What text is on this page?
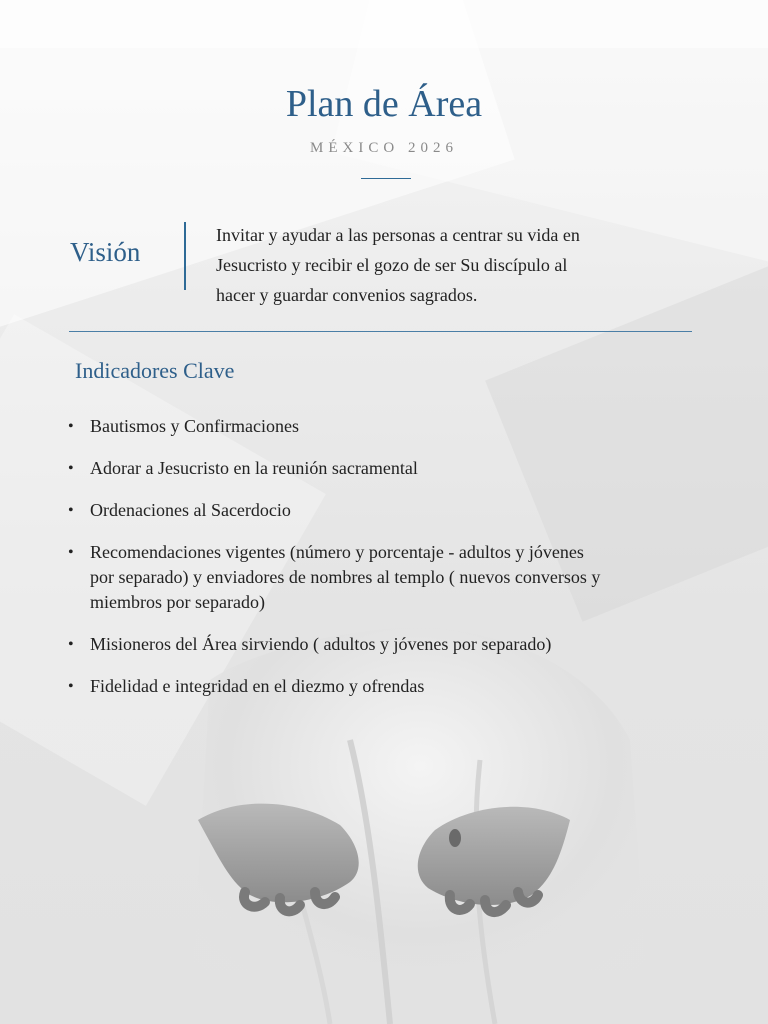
Plan de Área
MÉXICO 2026
Visión
Invitar y ayudar a las personas a centrar su vida en
Jesucristo y recibir el gozo de ser Su discípulo al
hacer y guardar convenios sagrados.
Indicadores Clave
• Bautismos y Confirmaciones
• Adorar a Jesucristo en la reunión sacramental
• Ordenaciones al Sacerdocio
• Recomendaciones vigentes (número y porcentaje - adultos y jóvenes
por separado) y enviadores de nombres al templo ( nuevos conversos y
miembros por separado)
• Misioneros del Área sirviendo ( adultos y jóvenes por separado)
• Fidelidad e integridad en el diezmo y ofrendas
